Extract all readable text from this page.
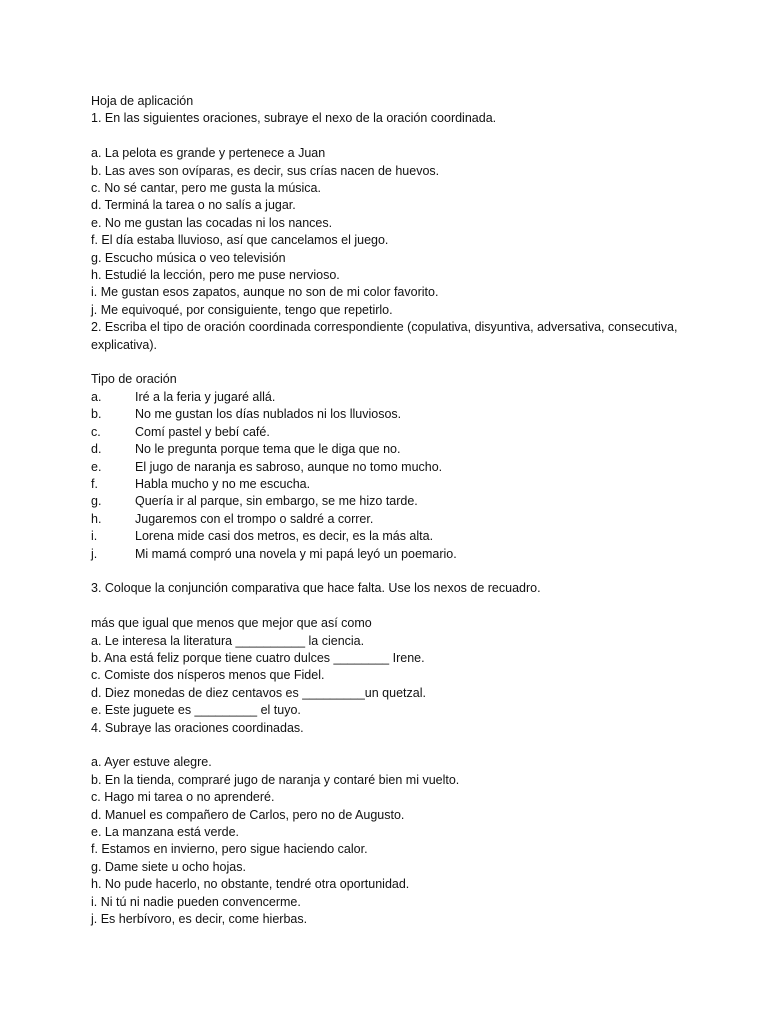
Hoja de aplicación
1. En las siguientes oraciones, subraye el nexo de la oración coordinada.
a. La pelota es grande y pertenece a Juan
b. Las aves son ovíparas, es decir, sus crías nacen de huevos.
c. No sé cantar, pero me gusta la música.
d. Terminá la tarea o no salís a jugar.
e. No me gustan las cocadas ni los nances.
f. El día estaba lluvioso, así que cancelamos el juego.
g. Escucho música o veo televisión
h. Estudié la lección, pero me puse nervioso.
i. Me gustan esos zapatos, aunque no son de mi color favorito.
j. Me equivoqué, por consiguiente, tengo que repetirlo.
2. Escriba el tipo de oración coordinada correspondiente (copulativa, disyuntiva, adversativa, consecutiva, explicativa).
Tipo de oración
a.	Iré a la feria y jugaré allá.
b.	No me gustan los días nublados ni los lluviosos.
c.	Comí pastel y bebí café.
d.	No le pregunta porque tema que le diga que no.
e.	El jugo de naranja es sabroso, aunque no tomo mucho.
f.	Habla mucho y no me escucha.
g.	Quería ir al parque, sin embargo, se me hizo tarde.
h.	Jugaremos con el trompo o saldré a correr.
i.	Lorena mide casi dos metros, es decir, es la más alta.
j.	Mi mamá compró una novela y mi papá leyó un poemario.
3. Coloque la conjunción comparativa que hace falta. Use los nexos de recuadro.
más que igual que menos que mejor que así como
a. Le interesa la literatura __________ la ciencia.
b. Ana está feliz porque tiene cuatro dulces ________ Irene.
c. Comiste dos nísperos menos que Fidel.
d. Diez monedas de diez centavos es _________un quetzal.
e. Este juguete es _________ el tuyo.
4. Subraye las oraciones coordinadas.
a. Ayer estuve alegre.
b. En la tienda, compraré jugo de naranja y contaré bien mi vuelto.
c. Hago mi tarea o no aprenderé.
d. Manuel es compañero de Carlos, pero no de Augusto.
e. La manzana está verde.
f. Estamos en invierno, pero sigue haciendo calor.
g. Dame siete u ocho hojas.
h. No pude hacerlo, no obstante, tendré otra oportunidad.
i. Ni tú ni nadie pueden convencerme.
j. Es herbívoro, es decir, come hierbas.
